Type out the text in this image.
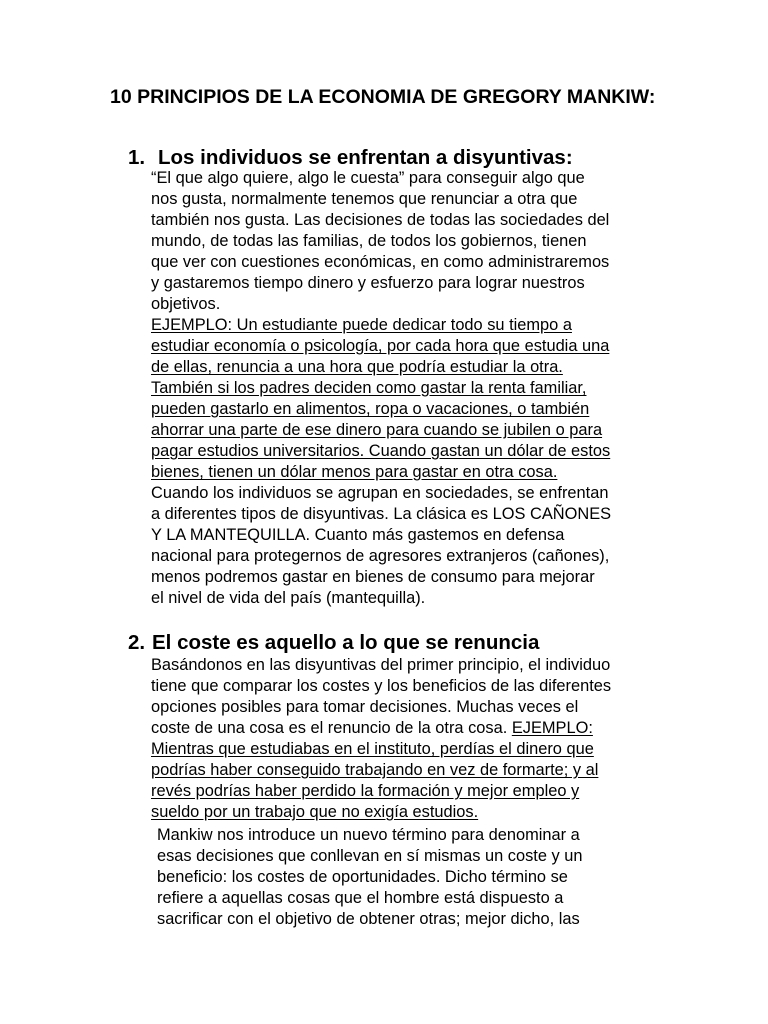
10 PRINCIPIOS DE LA ECONOMIA DE GREGORY MANKIW:
1. Los individuos se enfrentan a disyuntivas:
“El que algo quiere, algo le cuesta” para conseguir algo que
nos gusta, normalmente tenemos que renunciar a otra que
también nos gusta. Las decisiones de todas las sociedades del
mundo, de todas las familias, de todos los gobiernos, tienen
que ver con cuestiones económicas, en como administraremos
y gastaremos tiempo dinero y esfuerzo para lograr nuestros
objetivos.
EJEMPLO: Un estudiante puede dedicar todo su tiempo a
estudiar economía o psicología, por cada hora que estudia una
de ellas, renuncia a una hora que podría estudiar la otra.
También si los padres deciden como gastar la renta familiar,
pueden gastarlo en alimentos, ropa o vacaciones, o también
ahorrar una parte de ese dinero para cuando se jubilen o para
pagar estudios universitarios. Cuando gastan un dólar de estos
bienes, tienen un dólar menos para gastar en otra cosa.
Cuando los individuos se agrupan en sociedades, se enfrentan
a diferentes tipos de disyuntivas. La clásica es LOS CAÑONES
Y LA MANTEQUILLA. Cuanto más gastemos en defensa
nacional para protegernos de agresores extranjeros (cañones),
menos podremos gastar en bienes de consumo para mejorar
el nivel de vida del país (mantequilla).
2. El coste es aquello a lo que se renuncia
Basándonos en las disyuntivas del primer principio, el individuo
tiene que comparar los costes y los beneficios de las diferentes
opciones posibles para tomar decisiones. Muchas veces el
coste de una cosa es el renuncio de la otra cosa. EJEMPLO:
Mientras que estudiabas en el instituto, perdías el dinero que
podrías haber conseguido trabajando en vez de formarte; y al
revés podrías haber perdido la formación y mejor empleo y
sueldo por un trabajo que no exigía estudios.
Mankiw nos introduce un nuevo término para denominar a
esas decisiones que conllevan en sí mismas un coste y un
beneficio: los costes de oportunidades. Dicho término se
refiere a aquellas cosas que el hombre está dispuesto a
sacrificar con el objetivo de obtener otras; mejor dicho, las
